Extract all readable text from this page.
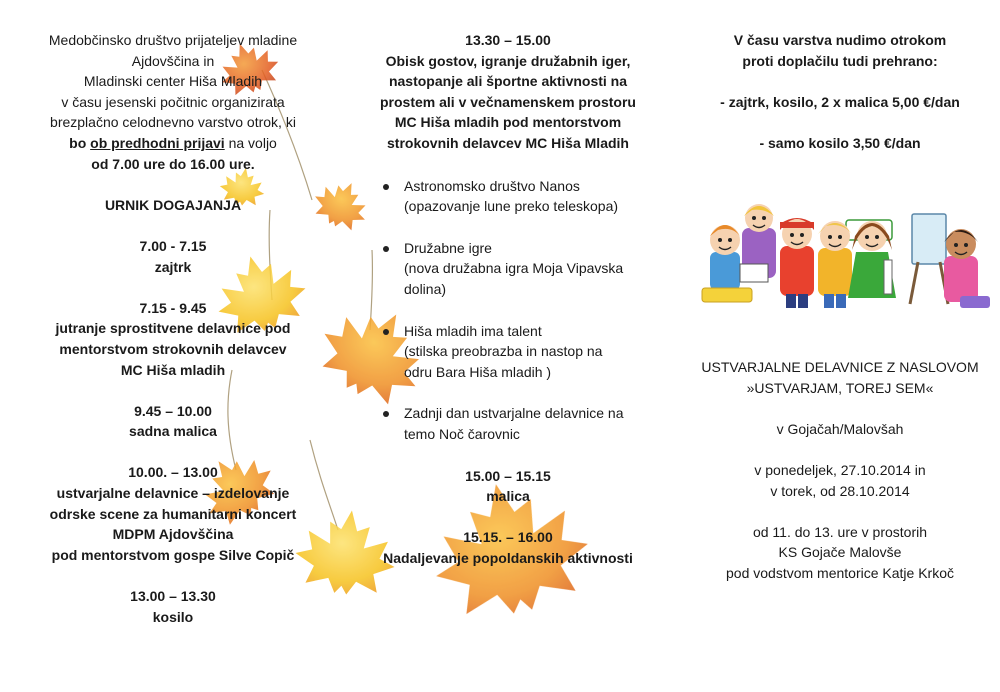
Medobčinsko društvo prijateljev mladine

Ajdovščina in

Mladinski center Hiša Mladih

v času jesenski počitnic organizirata

brezplačno celodnevno varstvo otrok, ki

bo ob predhodni prijavi na voljo

od 7.00 ure do 16.00 ure.

URNIK DOGAJANJA

7.00 - 7.15

zajtrk

7.15 - 9.45

jutranje sprostitvene delavnice pod

mentorstvom strokovnih delavcev

MC Hiša mladih

9.45 – 10.00

sadna malica

10.00. – 13.00

ustvarjalne delavnice – izdelovanje

odrske scene za humanitarni koncert

MDPM Ajdovščina

pod mentorstvom gospe Silve Copič

13.00 – 13.30

kosilo

13.30 – 15.00

Obisk gostov, igranje družabnih iger,

nastopanje ali športne aktivnosti na

prostem ali v večnamenskem prostoru

MC Hiša mladih pod mentorstvom

strokovnih delavcev MC Hiša Mladih

Astronomsko društvo Nanos
(opazovanje lune preko teleskopa)
Družabne igre
(nova družabna igra Moja Vipavska
dolina)
Hiša mladih ima talent
(stilska preobrazba in nastop na
odru Bara Hiša mladih )
Zadnji dan ustvarjalne delavnice na
temo Noč čarovnic

15.00 – 15.15

malica

15.15. – 16.00

Nadaljevanje popoldanskih aktivnosti

V času varstva nudimo otrokom

proti doplačilu tudi prehrano:

- zajtrk, kosilo, 2 x malica 5,00 €/dan

- samo kosilo 3,50 €/dan

USTVARJALNE DELAVNICE Z NASLOVOM

»USTVARJAM, TOREJ SEM«

v Gojačah/Malovšah

v ponedeljek, 27.10.2014 in

v torek, od 28.10.2014

od 11. do 13. ure v prostorih

KS Gojače Malovše

pod vodstvom mentorice Katje Krkoč
